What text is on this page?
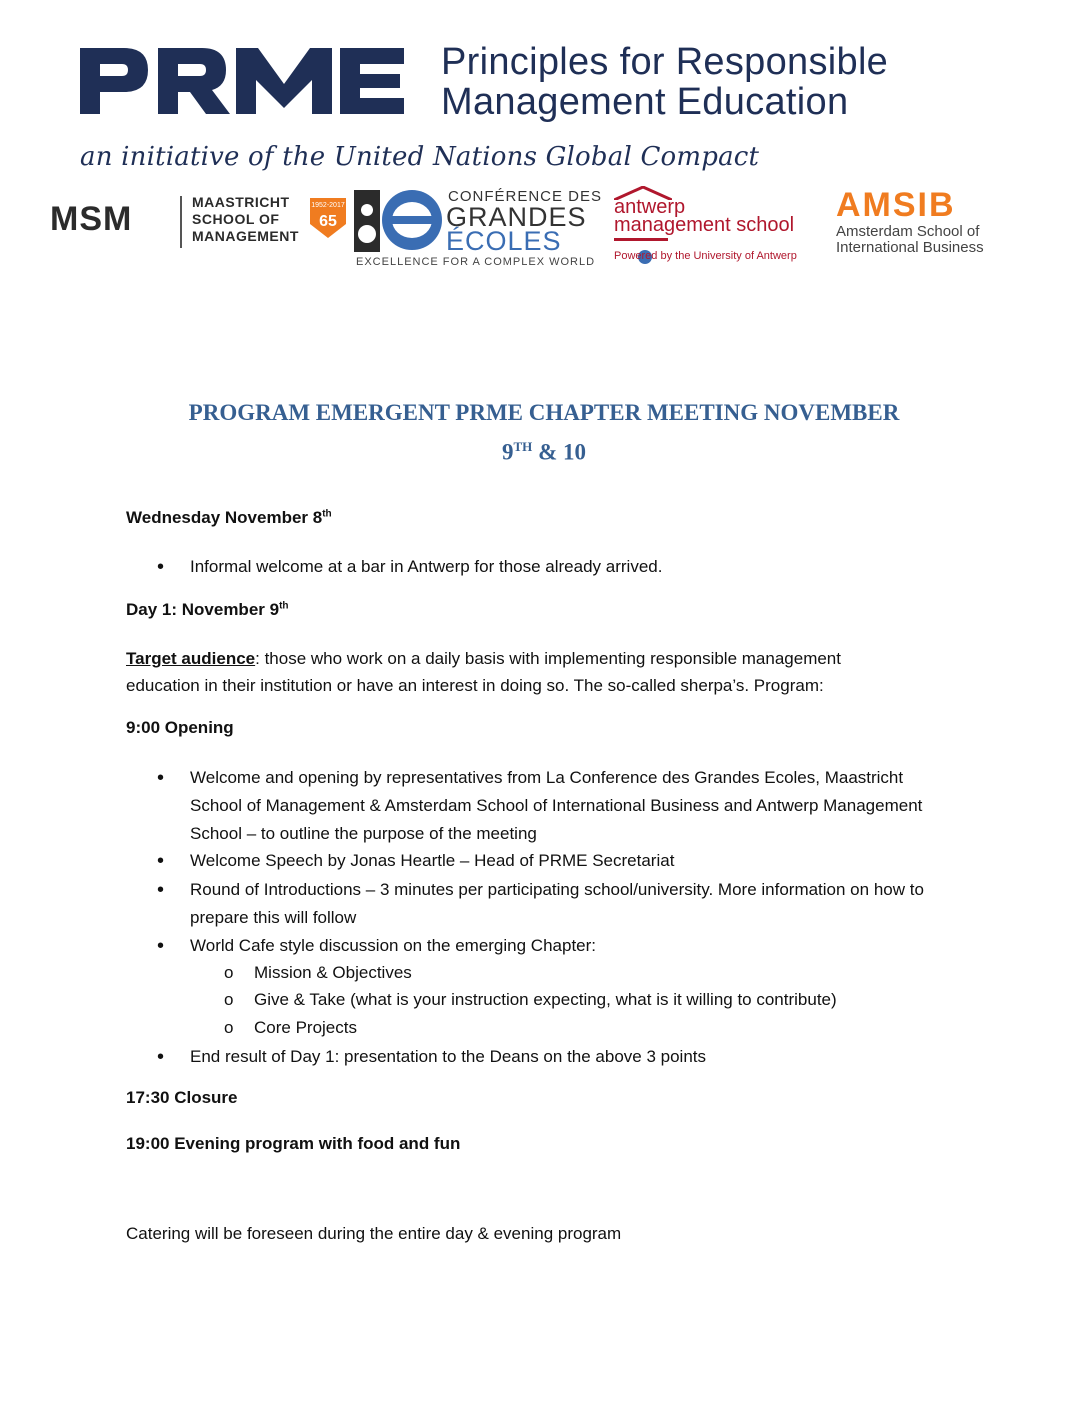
Principles for Responsible
Management Education
an initiative of the United Nations Global Compact
MSM	MAASTRICHT
SCHOOL OF
MANAGEMENT
1952-2017
65
CONFÉRENCE DES
GRANDES
ÉCOLES
EXCELLENCE FOR A COMPLEX WORLD
antwerp
management school
Powered by the University of Antwerp
AMSIB
Amsterdam School of
International Business
PROGRAM EMERGENT PRME CHAPTER MEETING NOVEMBER
9TH & 10
Wednesday November 8th
• Informal welcome at a bar in Antwerp for those already arrived.
Day 1: November 9th
Target audience: those who work on a daily basis with implementing responsible management education in their institution or have an interest in doing so. The so-called sherpa’s. Program:
9:00 Opening
• Welcome and opening by representatives from La Conference des Grandes Ecoles, Maastricht School of Management & Amsterdam School of International Business and Antwerp Management School – to outline the purpose of the meeting
• Welcome Speech by Jonas Heartle – Head of PRME Secretariat
• Round of Introductions – 3 minutes per participating school/university. More information on how to prepare this will follow
• World Cafe style discussion on the emerging Chapter:
o Mission & Objectives
o Give & Take (what is your instruction expecting, what is it willing to contribute)
o Core Projects
• End result of Day 1: presentation to the Deans on the above 3 points
17:30 Closure
19:00 Evening program with food and fun
Catering will be foreseen during the entire day & evening program
